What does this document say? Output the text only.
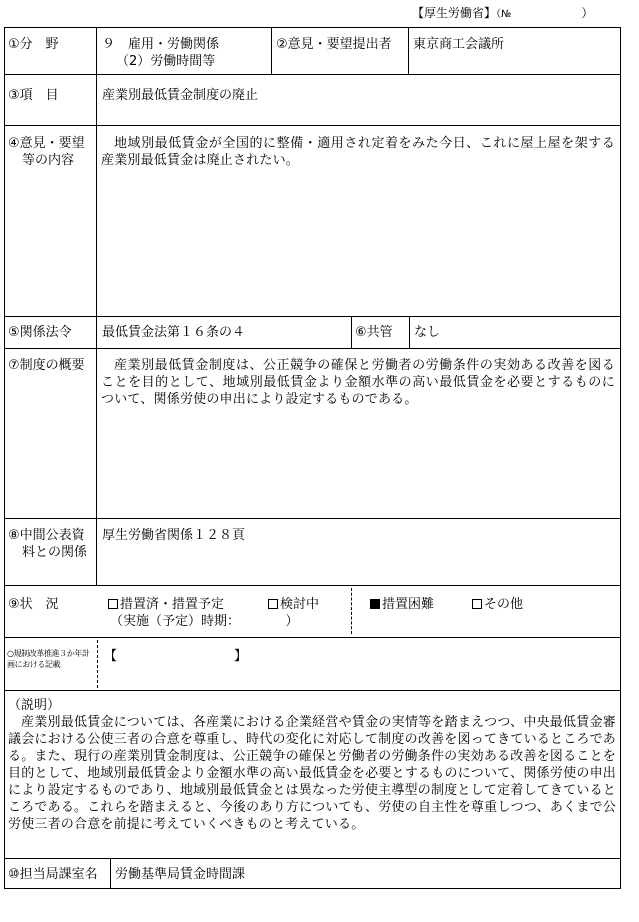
【厚生労働省】（№	）
①分　野	９　雇用・労働関係
（2）労働時間等
②意見・要望提出者 東京商工会議所
③項　目	産業別最低賃金制度の廃止
④意見・要望
等の内容
地域別最低賃金が全国的に整備・適用され定着をみた今日、これに屋上屋を架する産業別最低賃金は廃止されたい。
⑤関係法令 最低賃金法第１６条の４	⑥共管 なし
⑦制度の概要	産業別最低賃金制度は、公正競争の確保と労働者の労働条件の実効ある改善を図ることを目的として、地域別最低賃金より金額水準の高い最低賃金を必要とするものについて、関係労使の申出により設定するものである。
⑧中間公表資
料との関係
厚生労働省関係１２８頁
⑨状　況	措置済・措置予定	検討中
（実施（予定）時期：　　　　）
措置困難	その他
○規制改革推進３か年計画における記載
【　　　　　　　　　】
（説明）
産業別最低賃金については、各産業における企業経営や賃金の実情等を踏まえつつ、中央最低賃金審議会における公使三者の合意を尊重し、時代の変化に対応して制度の改善を図ってきているところである。また、現行の産業別賃金制度は、公正競争の確保と労働者の労働条件の実効ある改善を図ることを目的として、地域別最低賃金より金額水準の高い最低賃金を必要とするものについて、関係労使の申出により設定するものであり、地域別最低賃金とは異なった労使主導型の制度として定着してきているところである。これらを踏まえると、今後のあり方についても、労使の自主性を尊重しつつ、あくまで公労使三者の合意を前提に考えていくべきものと考えている。
⑩担当局課室名 労働基準局賃金時間課
